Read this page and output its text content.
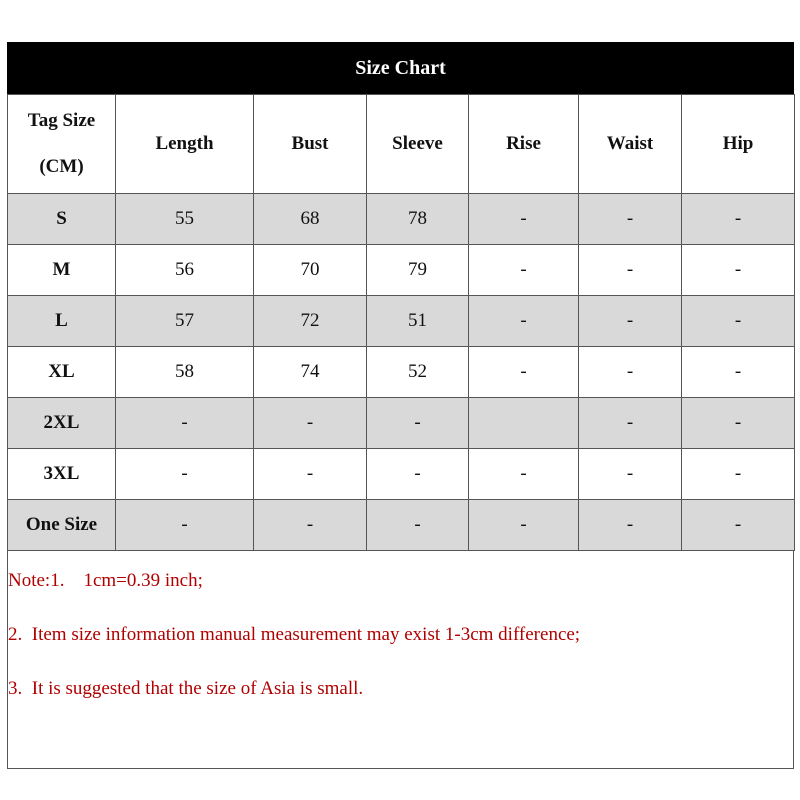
Size Chart
Tag Size
(CM)	Length	Bust	Sleeve	Rise	Waist	Hip
S	55	68	78	-	-	-
M	56	70	79	-	-	-
L	57	72	51	-	-	-
XL	58	74	52	-	-	-
2XL	-	-	-		-	-
3XL	-	-	-	-	-	-
One Size	-	-	-	-	-	-
Note:1.    1cm=0.39 inch;
2.  Item size information manual measurement may exist 1-3cm difference;
3.  It is suggested that the size of Asia is small.
